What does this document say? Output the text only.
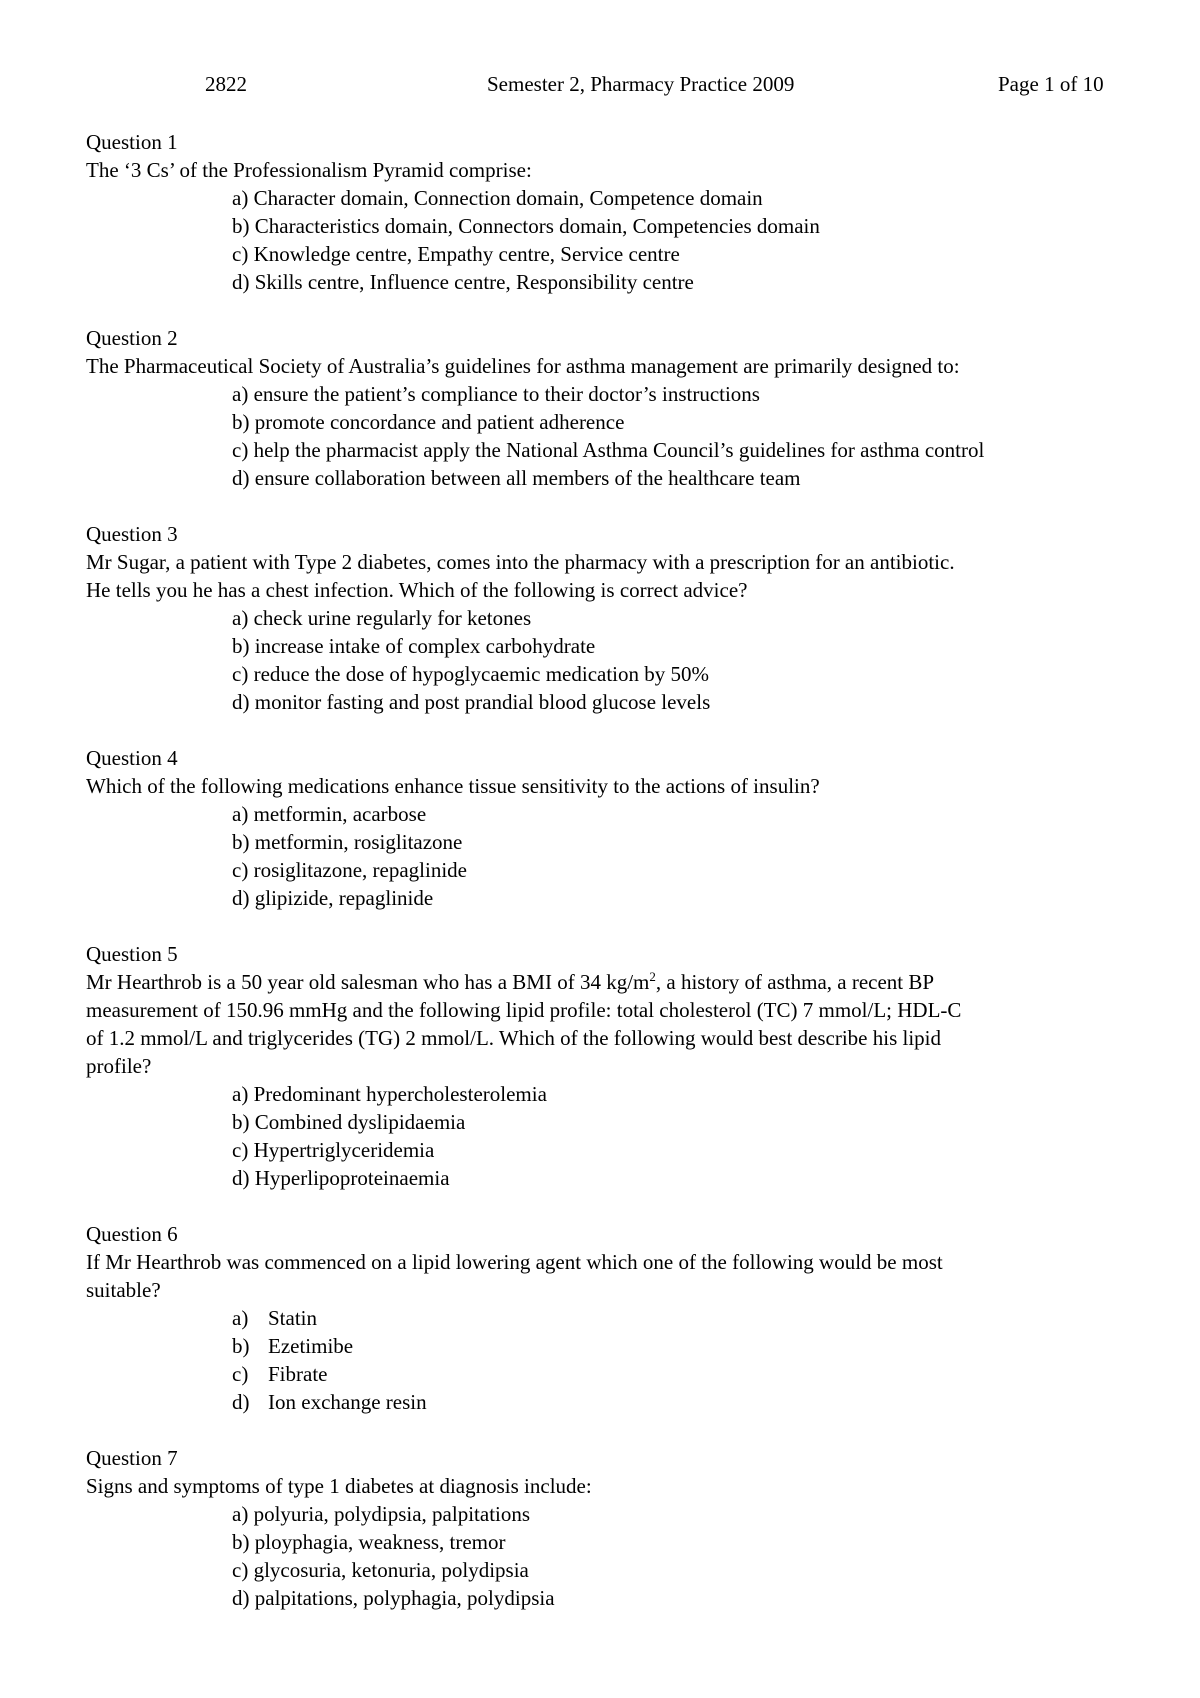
2822	Semester 2, Pharmacy Practice 2009	Page 1 of 10
Question 1
The ‘3 Cs’ of the Professionalism Pyramid comprise:
a) Character domain, Connection domain, Competence domain
b) Characteristics domain, Connectors domain, Competencies domain
c) Knowledge centre, Empathy centre, Service centre
d) Skills centre, Influence centre, Responsibility centre
Question 2
The Pharmaceutical Society of Australia’s guidelines for asthma management are primarily designed to:
a) ensure the patient’s compliance to their doctor’s instructions
b) promote concordance and patient adherence
c) help the pharmacist apply the National Asthma Council’s guidelines for asthma control
d) ensure collaboration between all members of the healthcare team
Question 3
Mr Sugar, a patient with Type 2 diabetes, comes into the pharmacy with a prescription for an antibiotic.
He tells you he has a chest infection. Which of the following is correct advice?
a) check urine regularly for ketones
b) increase intake of complex carbohydrate
c) reduce the dose of hypoglycaemic medication by 50%
d) monitor fasting and post prandial blood glucose levels
Question 4
Which of the following medications enhance tissue sensitivity to the actions of insulin?
a) metformin, acarbose
b) metformin, rosiglitazone
c) rosiglitazone, repaglinide
d) glipizide, repaglinide
Question 5
Mr Hearthrob is a 50 year old salesman who has a BMI of 34 $kg/m^2$, a history of asthma, a recent BP
measurement of 150.96 mmHg and the following lipid profile: total cholesterol (TC) 7 mmol/L; HDL-C
of 1.2 mmol/L and triglycerides (TG) 2 mmol/L. Which of the following would best describe his lipid
profile?
a) Predominant hypercholesterolemia
b) Combined dyslipidaemia
c) Hypertriglyceridemia
d) Hyperlipoproteinaemia
Question 6
If Mr Hearthrob was commenced on a lipid lowering agent which one of the following would be most
suitable?
a) Statin
b) Ezetimibe
c) Fibrate
d) Ion exchange resin
Question 7
Signs and symptoms of type 1 diabetes at diagnosis include:
a) polyuria, polydipsia, palpitations
b) ployphagia, weakness, tremor
c) glycosuria, ketonuria, polydipsia
d) palpitations, polyphagia, polydipsia
